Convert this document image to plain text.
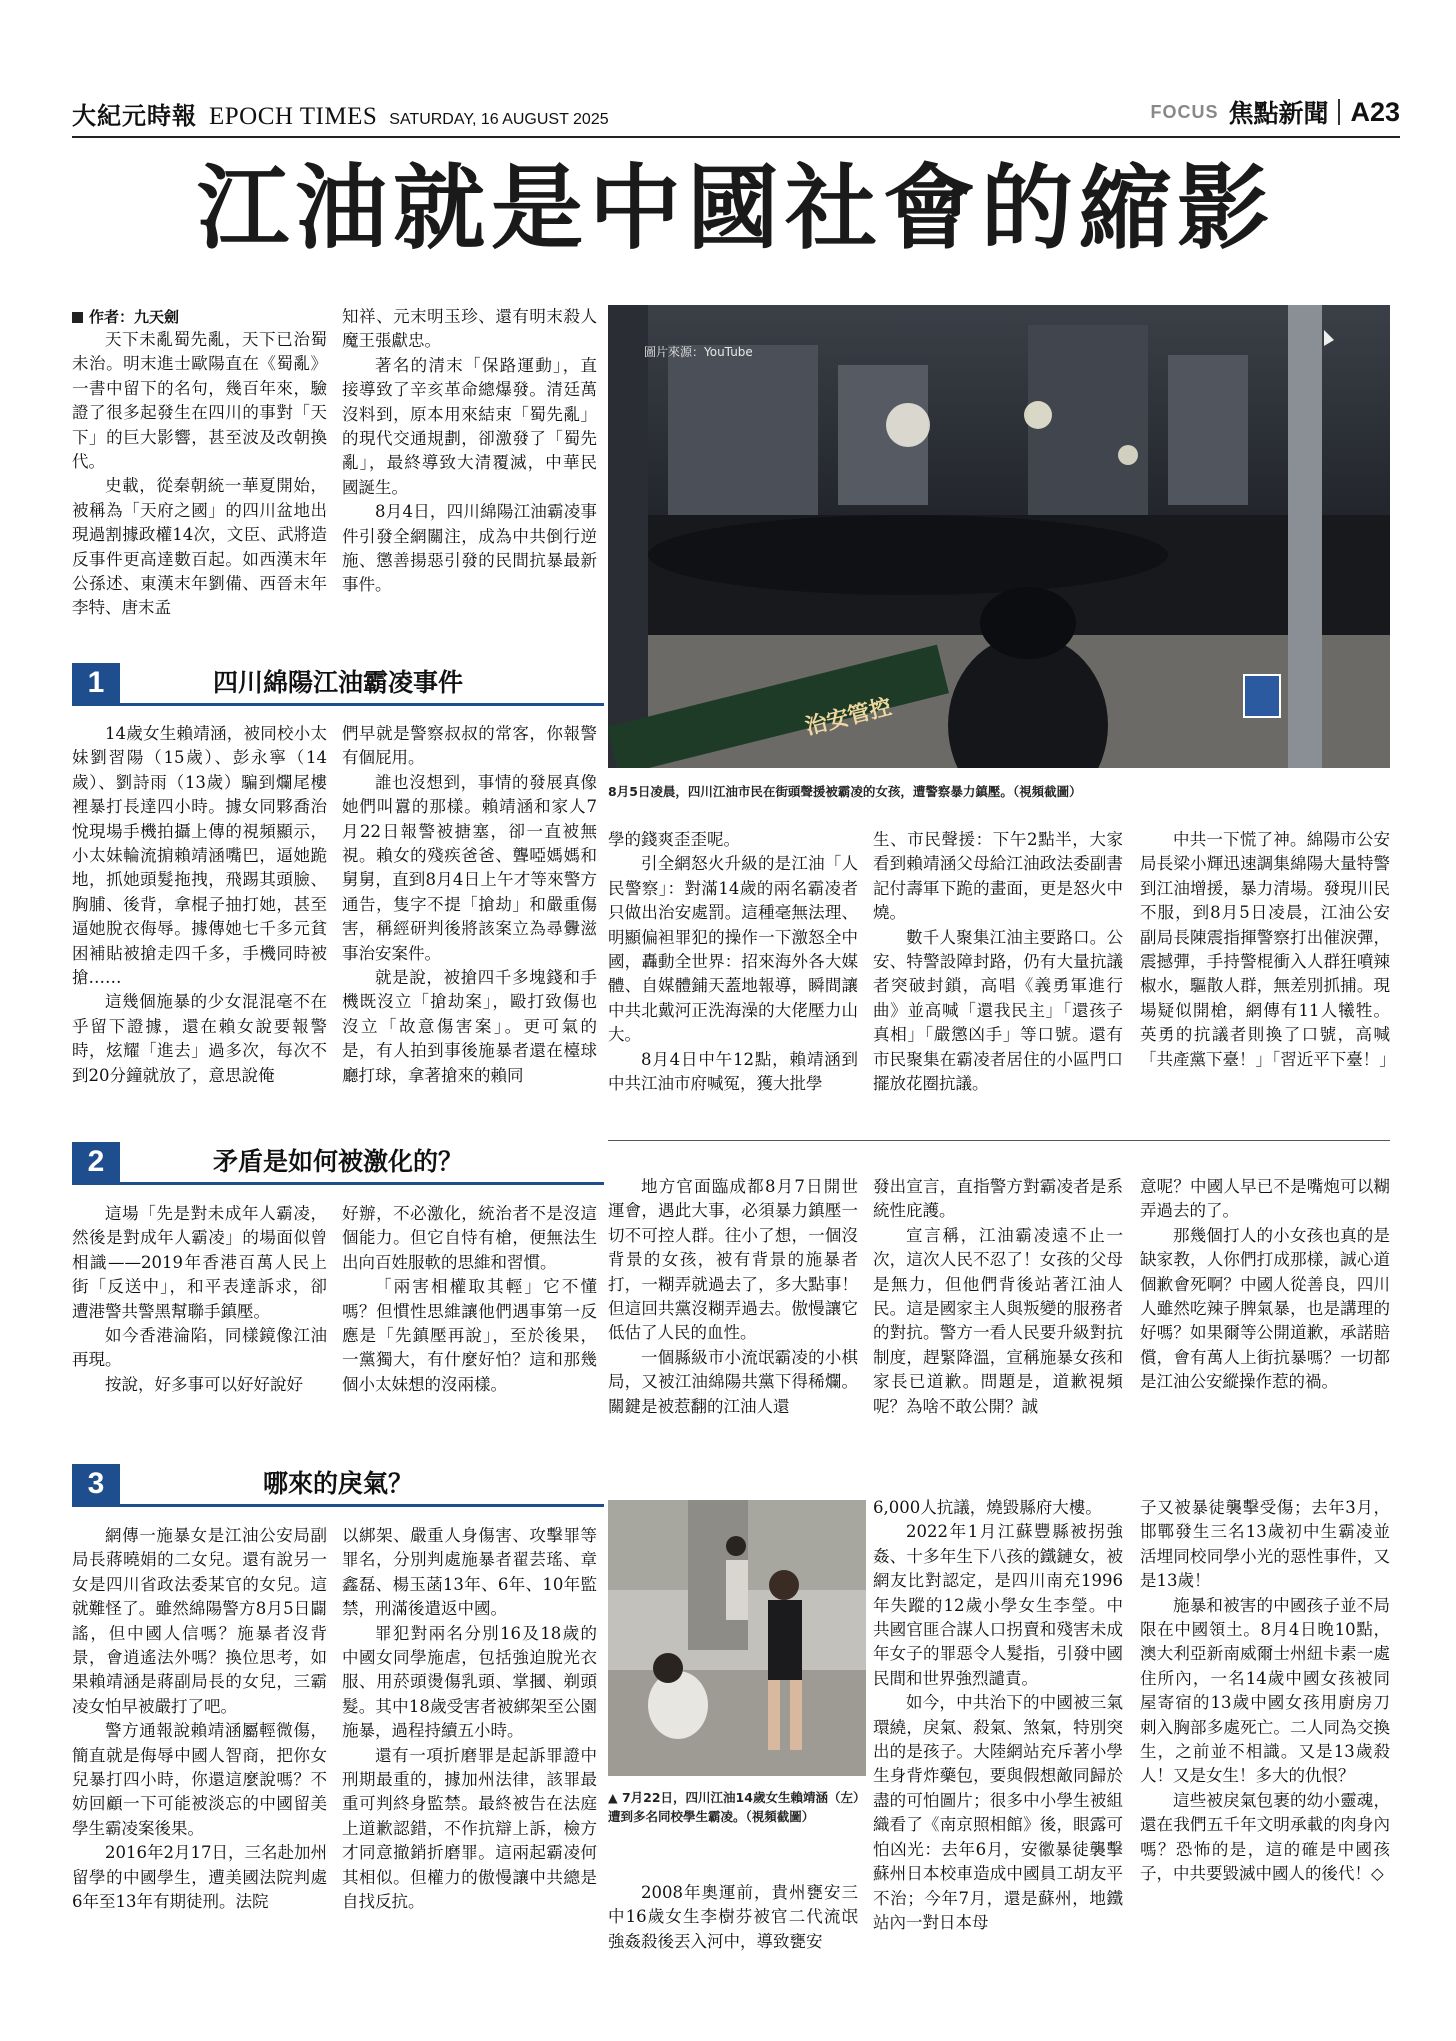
大紀元時報 EPOCH TIMES SATURDAY, 16 AUGUST 2025	FOCUS 焦點新聞 A23
江油就是中國社會的縮影
作者：九天劍

天下未亂蜀先亂，天下已治蜀未治。明末進士歐陽直在《蜀亂》一書中留下的名句，幾百年來，驗證了很多起發生在四川的事對「天下」的巨大影響，甚至波及改朝換代。

史載，從秦朝統一華夏開始，被稱為「天府之國」的四川盆地出現過割據政權14次，文臣、武將造反事件更高達數百起。如西漢末年公孫述、東漢末年劉備、西晉末年李特、唐末孟

知祥、元末明玉珍、還有明末殺人魔王張獻忠。

著名的清末「保路運動」，直接導致了辛亥革命總爆發。清廷萬沒料到，原本用來結束「蜀先亂」的現代交通規劃，卻激發了「蜀先亂」，最終導致大清覆滅，中華民國誕生。

8月4日，四川綿陽江油霸凌事件引發全網關注，成為中共倒行逆施、懲善揚惡引發的民間抗暴最新事件。

圖片來源：YouTube
治安管控
8月5日凌晨，四川江油市民在街頭聲援被霸凌的女孩，遭警察暴力鎮壓。（視頻截圖）
1	四川綿陽江油霸凌事件

14歲女生賴靖涵，被同校小太妹劉習陽（15歲）、彭永寧（14歲）、劉詩雨（13歲）騙到爛尾樓裡暴打長達四小時。據女同夥喬治悅現場手機拍攝上傳的視頻顯示，小太妹輪流掮賴靖涵嘴巴，逼她跪地，抓她頭髮拖拽，飛踢其頭臉、胸脯、後背，拿棍子抽打她，甚至逼她脫衣侮辱。據傳她七千多元貧困補貼被搶走四千多，手機同時被搶……

這幾個施暴的少女混混毫不在乎留下證據，還在賴女說要報警時，炫耀「進去」過多次，每次不到20分鐘就放了，意思說俺

們早就是警察叔叔的常客，你報警有個屁用。

誰也沒想到，事情的發展真像她們叫囂的那樣。賴靖涵和家人7月22日報警被搪塞，卻一直被無視。賴女的殘疾爸爸、聾啞媽媽和舅舅，直到8月4日上午才等來警方通告，隻字不提「搶劫」和嚴重傷害，稱經研判後將該案立為尋釁滋事治安案件。

就是說，被搶四千多塊錢和手機既沒立「搶劫案」，毆打致傷也沒立「故意傷害案」。更可氣的是，有人拍到事後施暴者還在檯球廳打球，拿著搶來的賴同

學的錢爽歪歪呢。

引全網怒火升級的是江油「人民警察」：對滿14歲的兩名霸凌者只做出治安處罰。這種毫無法理、明顯偏袒罪犯的操作一下激怒全中國，轟動全世界：招來海外各大媒體、自媒體鋪天蓋地報導，瞬間讓中共北戴河正洗海澡的大佬壓力山大。

8月4日中午12點，賴靖涵到中共江油市府喊冤，獲大批學

生、市民聲援：下午2點半，大家看到賴靖涵父母給江油政法委副書記付壽軍下跪的畫面，更是怒火中燒。

數千人聚集江油主要路口。公安、特警設障封路，仍有大量抗議者突破封鎖，高唱《義勇軍進行曲》並高喊「還我民主」「還孩子真相」「嚴懲凶手」等口號。還有市民聚集在霸凌者居住的小區門口擺放花圈抗議。

中共一下慌了神。綿陽市公安局長梁小輝迅速調集綿陽大量特警到江油增援，暴力清場。發現川民不服，到8月5日凌晨，江油公安副局長陳震指揮警察打出催淚彈，震撼彈，手持警棍衝入人群狂噴辣椒水，驅散人群，無差別抓捕。現場疑似開槍，網傳有11人犧牲。英勇的抗議者則換了口號，高喊「共產黨下臺！」「習近平下臺！」

2	矛盾是如何被激化的？

這場「先是對未成年人霸凌，然後是對成年人霸凌」的場面似曾相識——2019年香港百萬人民上街「反送中」，和平表達訴求，卻遭港警共警黑幫聯手鎮壓。

如今香港淪陷，同樣鏡像江油再現。

按說，好多事可以好好說好

好辦，不必激化，統治者不是沒這個能力。但它自恃有槍，便無法生出向百姓服軟的思維和習慣。

「兩害相權取其輕」它不懂嗎？但慣性思維讓他們遇事第一反應是「先鎮壓再說」，至於後果，一黨獨大，有什麼好怕？這和那幾個小太妹想的沒兩樣。

地方官面臨成都8月7日開世運會，遇此大事，必須暴力鎮壓一切不可控人群。往小了想，一個沒背景的女孩，被有背景的施暴者打，一糊弄就過去了，多大點事！但這回共黨沒糊弄過去。傲慢讓它低估了人民的血性。

一個縣級市小流氓霸凌的小棋局，又被江油綿陽共黨下得稀爛。關鍵是被惹翻的江油人還

發出宣言，直指警方對霸凌者是系統性庇護。

宣言稱，江油霸凌遠不止一次，這次人民不忍了！女孩的父母是無力，但他們背後站著江油人民。這是國家主人與叛變的服務者的對抗。警方一看人民要升級對抗制度，趕緊降溫，宣稱施暴女孩和家長已道歉。問題是，道歉視頻呢？為啥不敢公開？誠

意呢？中國人早已不是嘴炮可以糊弄過去的了。

那幾個打人的小女孩也真的是缺家教，人你們打成那樣，誠心道個歉會死啊？中國人從善良，四川人雖然吃辣子脾氣暴，也是講理的好嗎？如果爾等公開道歉，承諾賠償，會有萬人上街抗暴嗎？一切都是江油公安縱操作惹的禍。

3	哪來的戾氣？

網傳一施暴女是江油公安局副局長蔣曉娟的二女兒。還有說另一女是四川省政法委某官的女兒。這就難怪了。雖然綿陽警方8月5日闢謠，但中國人信嗎？施暴者沒背景，會逍遙法外嗎？換位思考，如果賴靖涵是蔣副局長的女兒，三霸凌女怕早被嚴打了吧。

警方通報說賴靖涵屬輕微傷，簡直就是侮辱中國人智商，把你女兒暴打四小時，你還這麼說嗎？不妨回顧一下可能被淡忘的中國留美學生霸凌案後果。

2016年2月17日，三名赴加州留學的中國學生，遭美國法院判處6年至13年有期徒刑。法院

以綁架、嚴重人身傷害、攻擊罪等罪名，分別判處施暴者翟芸瑤、章鑫磊、楊玉菡13年、6年、10年監禁，刑滿後遣返中國。

罪犯對兩名分別16及18歲的中國女同學施虐，包括強迫脫光衣服、用菸頭燙傷乳頭、掌摑、剃頭髮。其中18歲受害者被綁架至公園施暴，過程持續五小時。

還有一項折磨罪是起訴罪證中刑期最重的，據加州法律，該罪最重可判終身監禁。最終被告在法庭上道歉認錯，不作抗辯上訴，檢方才同意撤銷折磨罪。這兩起霸凌何其相似。但權力的傲慢讓中共總是自找反抗。

▲ 7月22日，四川江油14歲女生賴靖涵（左）遭到多名同校學生霸凌。（視頻截圖）

2008年奧運前，貴州甕安三中16歲女生李樹芬被官二代流氓強姦殺後丟入河中，導致甕安

6,000人抗議，燒毀縣府大樓。

2022年1月江蘇豐縣被拐強姦、十多年生下八孩的鐵鏈女，被網友比對認定，是四川南充1996年失蹤的12歲小學女生李瑩。中共國官匪合謀人口拐賣和殘害未成年女子的罪惡令人髮指，引發中國民間和世界強烈譴責。

如今，中共治下的中國被三氣環繞，戾氣、殺氣、煞氣，特別突出的是孩子。大陸網站充斥著小學生身背炸藥包，要與假想敵同歸於盡的可怕圖片；很多中小學生被組織看了《南京照相館》後，眼露可怕凶光：去年6月，安徽暴徒襲擊蘇州日本校車造成中國員工胡友平不治；今年7月，還是蘇州，地鐵站內一對日本母

子又被暴徒襲擊受傷；去年3月，邯鄲發生三名13歲初中生霸凌並活埋同校同學小光的惡性事件，又是13歲！

施暴和被害的中國孩子並不局限在中國領土。8月4日晚10點，澳大利亞新南威爾士州紐卡素一處住所內，一名14歲中國女孩被同屋寄宿的13歲中國女孩用廚房刀刺入胸部多處死亡。二人同為交換生，之前並不相識。又是13歲殺人！又是女生！多大的仇恨？

這些被戾氣包裹的幼小靈魂，還在我們五千年文明承載的肉身內嗎？恐怖的是，這的確是中國孩子，中共要毀滅中國人的後代！◇
